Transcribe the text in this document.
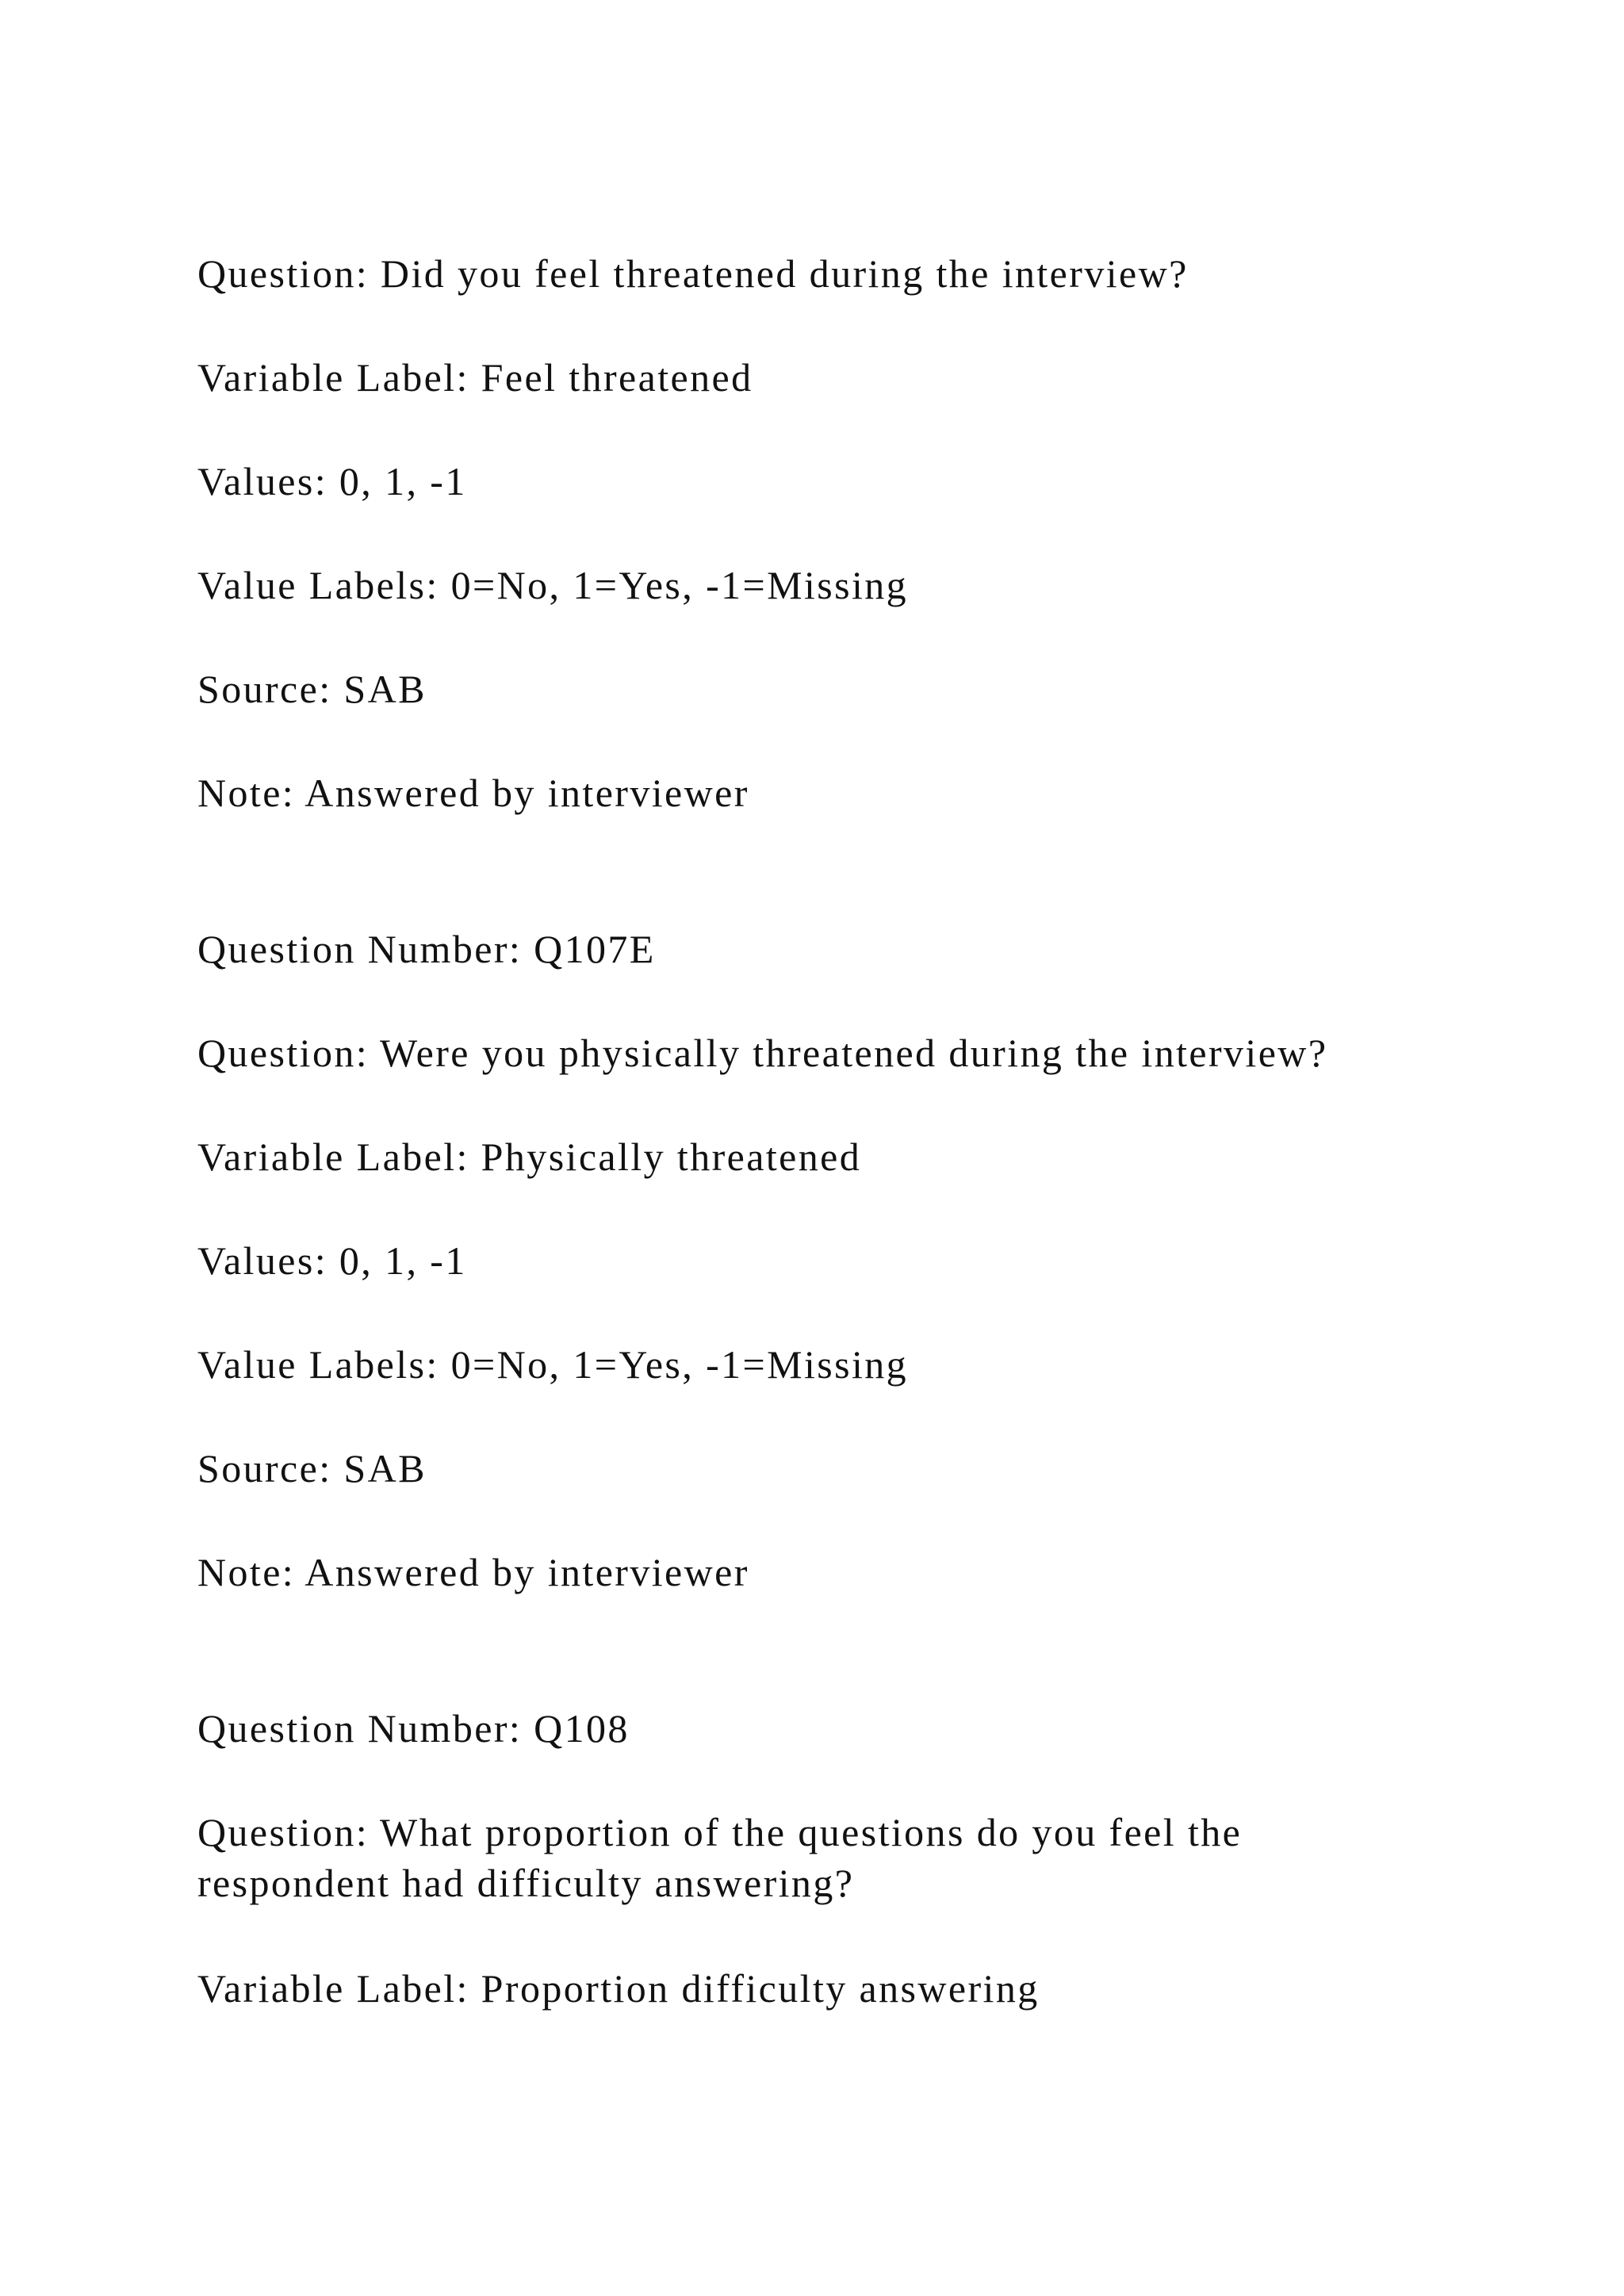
Question: Did you feel threatened during the interview?

Variable Label: Feel threatened

Values: 0, 1, -1

Value Labels: 0=No, 1=Yes, -1=Missing

Source: SAB

Note: Answered by interviewer

Question Number: Q107E

Question: Were you physically threatened during the interview?

Variable Label: Physically threatened

Values: 0, 1, -1

Value Labels: 0=No, 1=Yes, -1=Missing

Source: SAB

Note: Answered by interviewer

Question Number: Q108

Question: What proportion of the questions do you feel the

respondent had difficulty answering?

Variable Label: Proportion difficulty answering
